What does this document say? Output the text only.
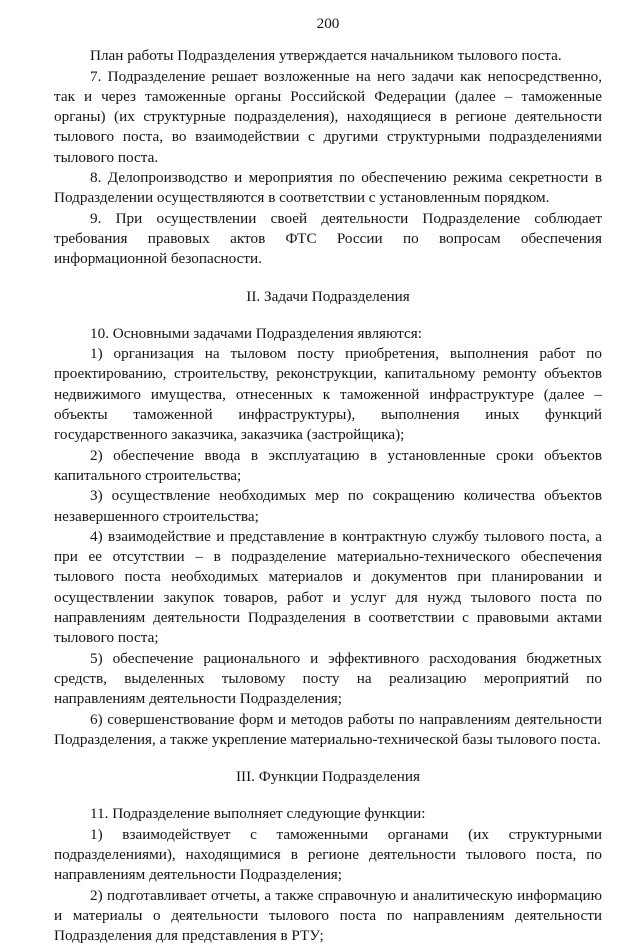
200

План работы Подразделения утверждается начальником тылового поста.

7. Подразделение решает возложенные на него задачи как непосредственно, так и через таможенные органы Российской Федерации (далее – таможенные органы) (их структурные подразделения), находящиеся в регионе деятельности тылового поста, во взаимодействии с другими структурными подразделениями тылового поста.

8. Делопроизводство и мероприятия по обеспечению режима секретности в Подразделении осуществляются в соответствии с установленным порядком.

9. При осуществлении своей деятельности Подразделение соблюдает требования правовых актов ФТС России по вопросам обеспечения информационной безопасности.

II. Задачи Подразделения

10. Основными задачами Подразделения являются:

1) организация на тыловом посту приобретения, выполнения работ по проектированию, строительству, реконструкции, капитальному ремонту объектов недвижимого имущества, отнесенных к таможенной инфраструктуре (далее – объекты таможенной инфраструктуры), выполнения иных функций государственного заказчика, заказчика (застройщика);

2) обеспечение ввода в эксплуатацию в установленные сроки объектов капитального строительства;

3) осуществление необходимых мер по сокращению количества объектов незавершенного строительства;

4) взаимодействие и представление в контрактную службу тылового поста, а при ее отсутствии – в подразделение материально-технического обеспечения тылового поста необходимых материалов и документов при планировании и осуществлении закупок товаров, работ и услуг для нужд тылового поста по направлениям деятельности Подразделения в соответствии с правовыми актами тылового поста;

5) обеспечение рационального и эффективного расходования бюджетных средств, выделенных тыловому посту на реализацию мероприятий по направлениям деятельности Подразделения;

6) совершенствование форм и методов работы по направлениям деятельности Подразделения, а также укрепление материально-технической базы тылового поста.

III. Функции Подразделения

11. Подразделение выполняет следующие функции:

1) взаимодействует с таможенными органами (их структурными подразделениями), находящимися в регионе деятельности тылового поста, по направлениям деятельности Подразделения;

2) подготавливает отчеты, а также справочную и аналитическую информацию и материалы о деятельности тылового поста по направлениям деятельности Подразделения для представления в РТУ;
